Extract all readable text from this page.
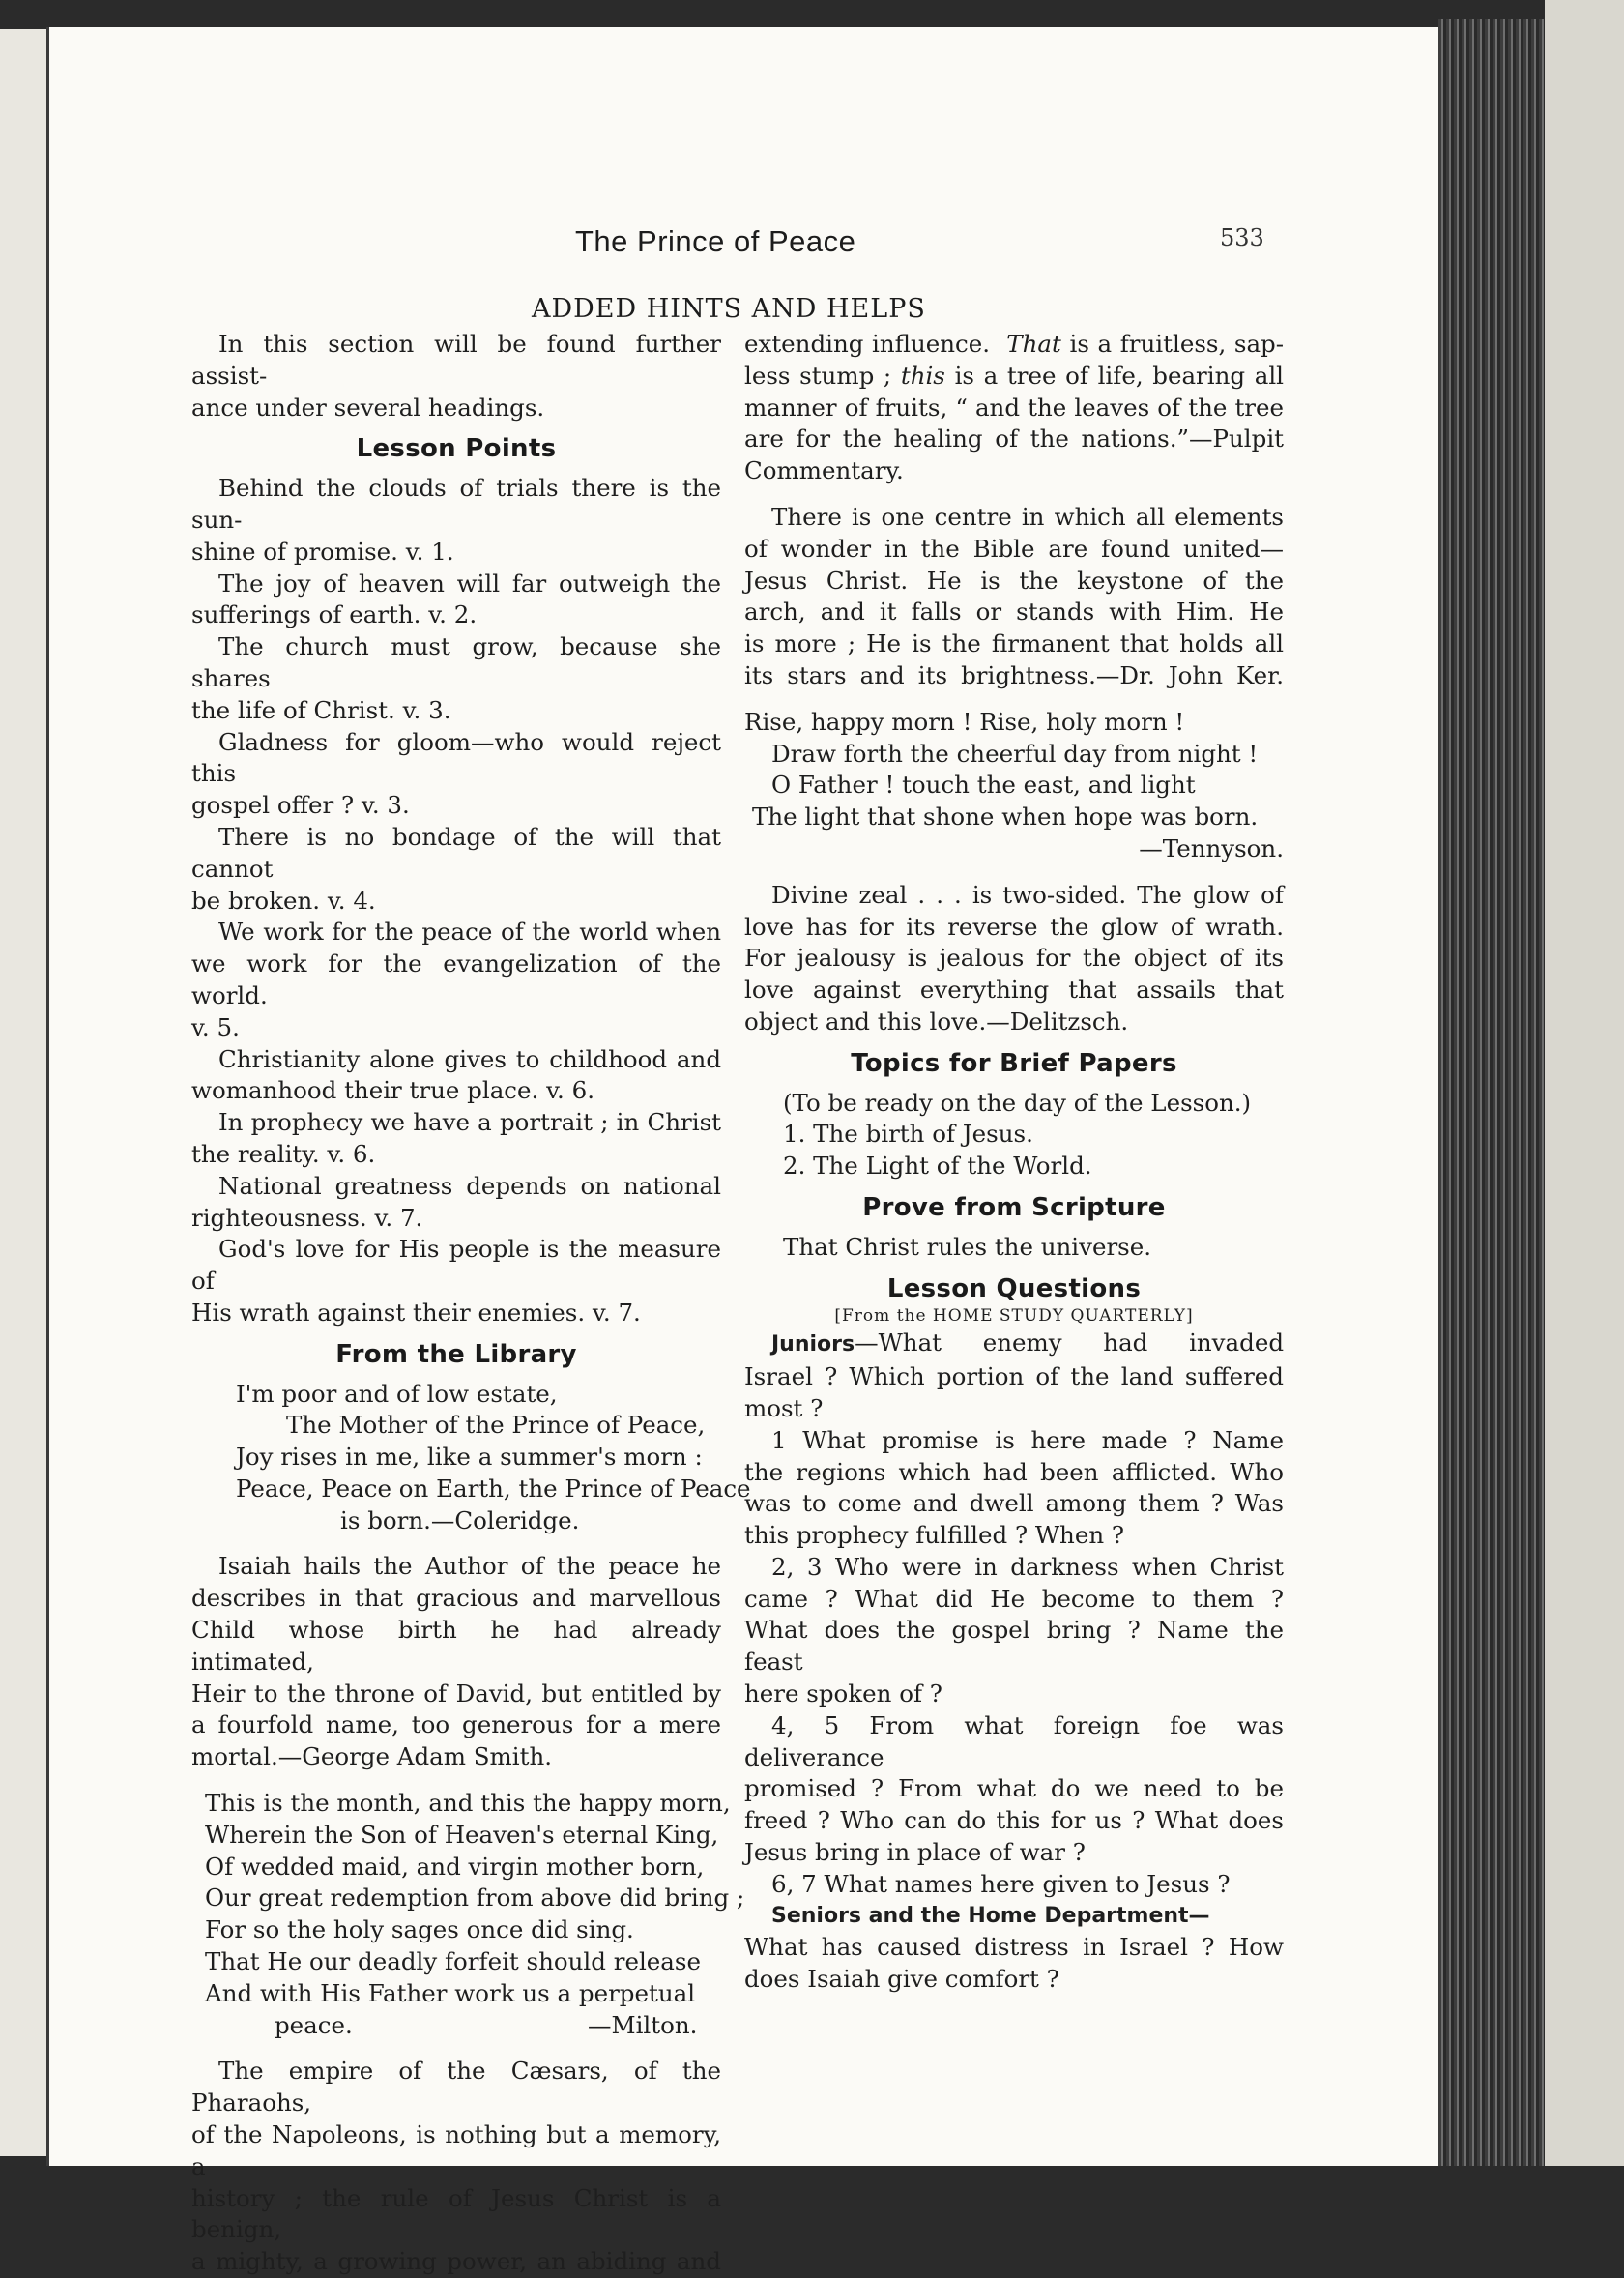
The Prince of Peace	533
ADDED HINTS AND HELPS

In this section will be found further assist-

ance under several headings.

Lesson Points

Behind the clouds of trials there is the sun-

shine of promise. v. 1.

The joy of heaven will far outweigh the

sufferings of earth. v. 2.

The church must grow, because she shares

the life of Christ. v. 3.

Gladness for gloom—who would reject this

gospel offer ? v. 3.

There is no bondage of the will that cannot

be broken. v. 4.

We work for the peace of the world when

we work for the evangelization of the world.

v. 5.

Christianity alone gives to childhood and

womanhood their true place. v. 6.

In prophecy we have a portrait ; in Christ

the reality. v. 6.

National greatness depends on national

righteousness. v. 7.

God's love for His people is the measure of

His wrath against their enemies. v. 7.

From the Library

I'm poor and of low estate,

The Mother of the Prince of Peace,

Joy rises in me, like a summer's morn :

Peace, Peace on Earth, the Prince of Peace

is born.—Coleridge.

Isaiah hails the Author of the peace he

describes in that gracious and marvellous

Child whose birth he had already intimated,

Heir to the throne of David, but entitled by

a fourfold name, too generous for a mere

mortal.—George Adam Smith.

This is the month, and this the happy morn,

Wherein the Son of Heaven's eternal King,

Of wedded maid, and virgin mother born,

Our great redemption from above did bring ;

For so the holy sages once did sing.

That He our deadly forfeit should release

And with His Father work us a perpetual

peace.	—Milton.

The empire of the Cæsars, of the Pharaohs,

of the Napoleons, is nothing but a memory, a

history ; the rule of Jesus Christ is a benign,

a mighty, a growing power, an abiding and

extending influence. That is a fruitless, sap-

less stump ; this is a tree of life, bearing all

manner of fruits, “ and the leaves of the tree

are for the healing of the nations.”—Pulpit

Commentary.

There is one centre in which all elements

of wonder in the Bible are found united—

Jesus Christ. He is the keystone of the

arch, and it falls or stands with Him. He

is more ; He is the firmanent that holds all

its stars and its brightness.—Dr. John Ker.

Rise, happy morn ! Rise, holy morn !

Draw forth the cheerful day from night !

O Father ! touch the east, and light

The light that shone when hope was born.

—Tennyson.

Divine zeal . . . is two-sided. The glow of

love has for its reverse the glow of wrath.

For jealousy is jealous for the object of its

love against everything that assails that

object and this love.—Delitzsch.

Topics for Brief Papers

(To be ready on the day of the Lesson.)

1. The birth of Jesus.

2. The Light of the World.

Prove from Scripture

That Christ rules the universe.

Lesson Questions

[From the HOME STUDY QUARTERLY]

Juniors—What enemy had invaded

Israel ? Which portion of the land suffered

most ?

1 What promise is here made ? Name

the regions which had been afflicted. Who

was to come and dwell among them ? Was

this prophecy fulfilled ? When ?

2, 3 Who were in darkness when Christ

came ? What did He become to them ?

What does the gospel bring ? Name the feast

here spoken of ?

4, 5 From what foreign foe was deliverance

promised ? From what do we need to be

freed ? Who can do this for us ? What does

Jesus bring in place of war ?

6, 7 What names here given to Jesus ?

Seniors and the Home Department—

What has caused distress in Israel ? How

does Isaiah give comfort ?
